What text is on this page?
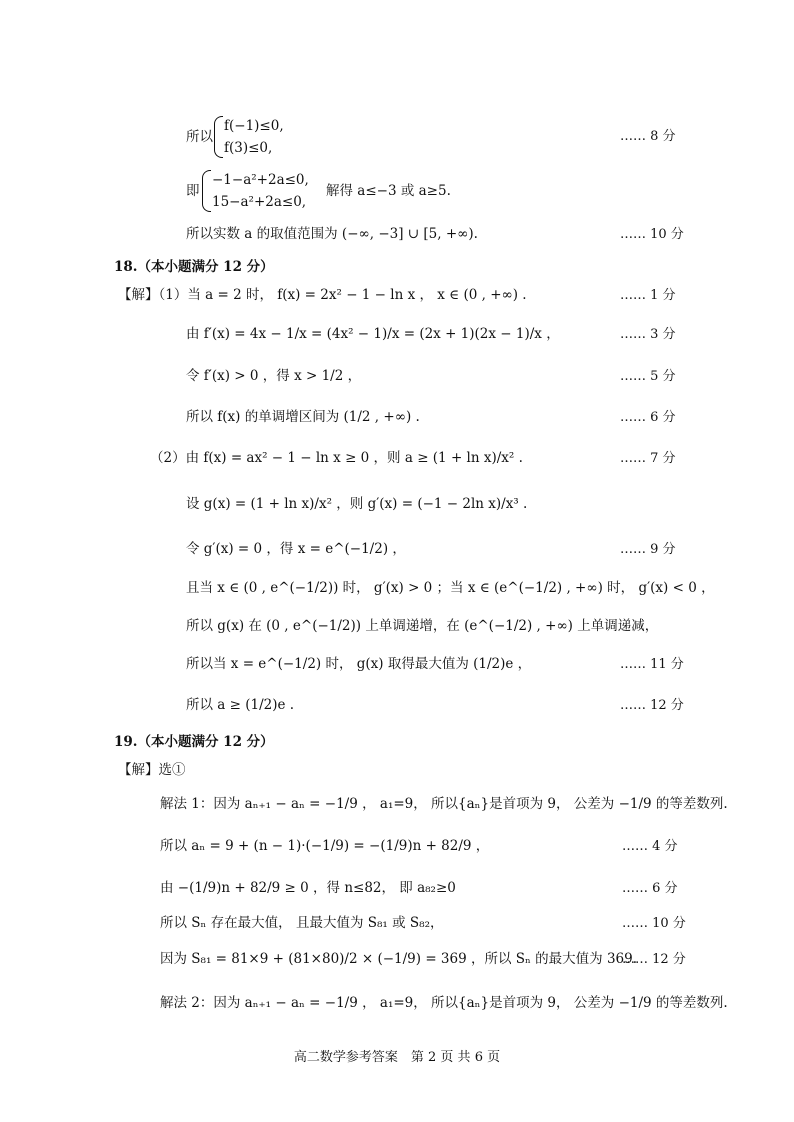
所以
f(−1)≤0,
f(3)≤0,
…… 8 分
即
−1−a²+2a≤0,
15−a²+2a≤0,
解得 a≤−3 或 a≥5.
所以实数 a 的取值范围为 (−∞, −3] ∪ [5, +∞).	…… 10 分
18.（本小题满分 12 分）
【解】（1）当 a = 2 时， f(x) = 2x² − 1 − ln x ， x ∈ (0 , +∞) .	…… 1 分
由 f′(x) = 4x − 1/x = (4x² − 1)/x = (2x + 1)(2x − 1)/x ，	…… 3 分
令 f′(x) > 0 ，得 x > 1/2 ，	…… 5 分
所以 f(x) 的单调增区间为 (1/2 , +∞) .	…… 6 分
（2）由 f(x) = ax² − 1 − ln x ≥ 0 ，则 a ≥ (1 + ln x)/x² .	…… 7 分
设 g(x) = (1 + ln x)/x² ，则 g′(x) = (−1 − 2ln x)/x³ .
令 g′(x) = 0 ，得 x = e^(−1/2) ，	…… 9 分
且当 x ∈ (0 , e^(−1/2)) 时， g′(x) > 0 ；当 x ∈ (e^(−1/2) , +∞) 时， g′(x) < 0 ，
所以 g(x) 在 (0 , e^(−1/2)) 上单调递增，在 (e^(−1/2) , +∞) 上单调递减，
所以当 x = e^(−1/2) 时， g(x) 取得最大值为 (1/2)e ，	…… 11 分
所以 a ≥ (1/2)e .	…… 12 分
19.（本小题满分 12 分）
【解】选①
解法 1：因为 aₙ₊₁ − aₙ = −1/9 ， a₁=9， 所以{aₙ}是首项为 9， 公差为 −1/9 的等差数列.
所以 aₙ = 9 + (n − 1)·(−1/9) = −(1/9)n + 82/9 ，	…… 4 分
由 −(1/9)n + 82/9 ≥ 0 ，得 n≤82， 即 a₈₂≥0	…… 6 分
所以 Sₙ 存在最大值， 且最大值为 S₈₁ 或 S₈₂，	…… 10 分
因为 S₈₁ = 81×9 + (81×80)/2 × (−1/9) = 369 ，所以 Sₙ 的最大值为 369.
…… 12 分
解法 2：因为 aₙ₊₁ − aₙ = −1/9 ， a₁=9， 所以{aₙ}是首项为 9， 公差为 −1/9 的等差数列.
高二数学参考答案　第 2 页 共 6 页
